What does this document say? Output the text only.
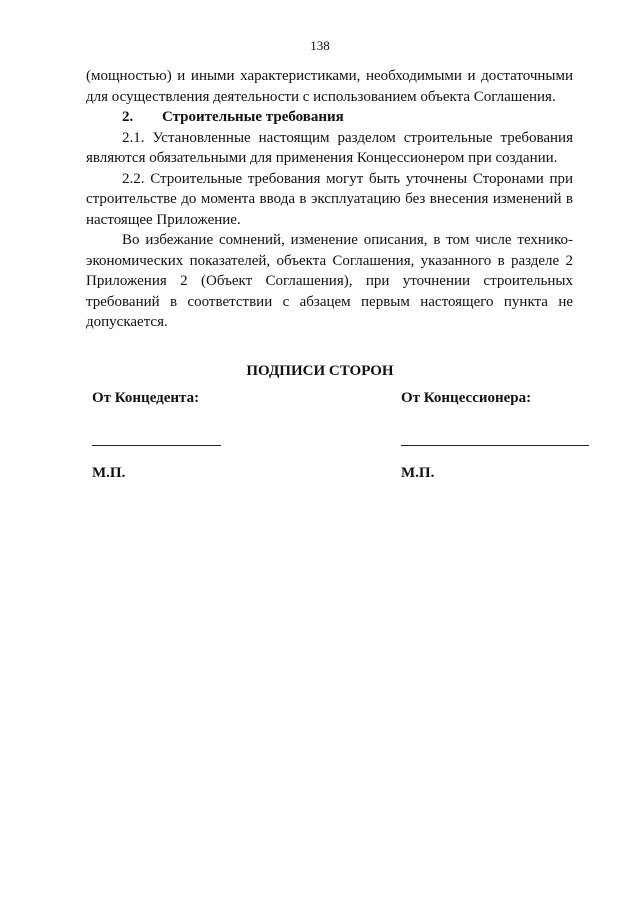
138

(мощностью) и иными характеристиками, необходимыми и достаточными для осуществления деятельности с использованием объекта Соглашения.

2. Строительные требования

2.1. Установленные настоящим разделом строительные требования являются обязательными для применения Концессионером при создании.

2.2. Строительные требования могут быть уточнены Сторонами при строительстве до момента ввода в эксплуатацию без внесения изменений в настоящее Приложение.

Во избежание сомнений, изменение описания, в том числе технико-экономических показателей, объекта Соглашения, указанного в разделе 2 Приложения 2 (Объект Соглашения), при уточнении строительных требований в соответствии с абзацем первым настоящего пункта не допускается.

ПОДПИСИ СТОРОН
От Концедента:	От Концессионера:
М.П.	М.П.
